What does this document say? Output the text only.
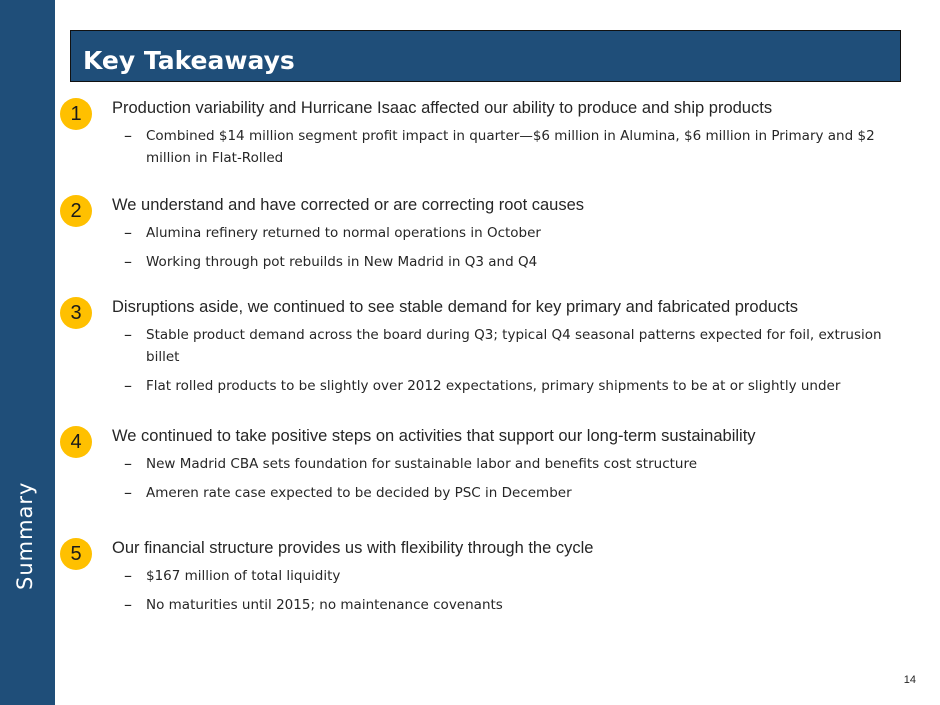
Summary
Key Takeaways
1	Production variability and Hurricane Isaac affected our ability to produce and ship products
– Combined $14 million segment profit impact in quarter—$6 million in Alumina, $6 million in Primary and $2 million in Flat-Rolled
2	We understand and have corrected or are correcting root causes
– Alumina refinery returned to normal operations in October
– Working through pot rebuilds in New Madrid in Q3 and Q4
3	Disruptions aside, we continued to see stable demand for key primary and fabricated products
– Stable product demand across the board during Q3; typical Q4 seasonal patterns expected for foil, extrusion billet
– Flat rolled products to be slightly over 2012 expectations, primary shipments to be at or slightly under
4	We continued to take positive steps on activities that support our long-term sustainability
– New Madrid CBA sets foundation for sustainable labor and benefits cost structure
– Ameren rate case expected to be decided by PSC in December
5	Our financial structure provides us with flexibility through the cycle
– $167 million of total liquidity
– No maturities until 2015; no maintenance covenants
14
